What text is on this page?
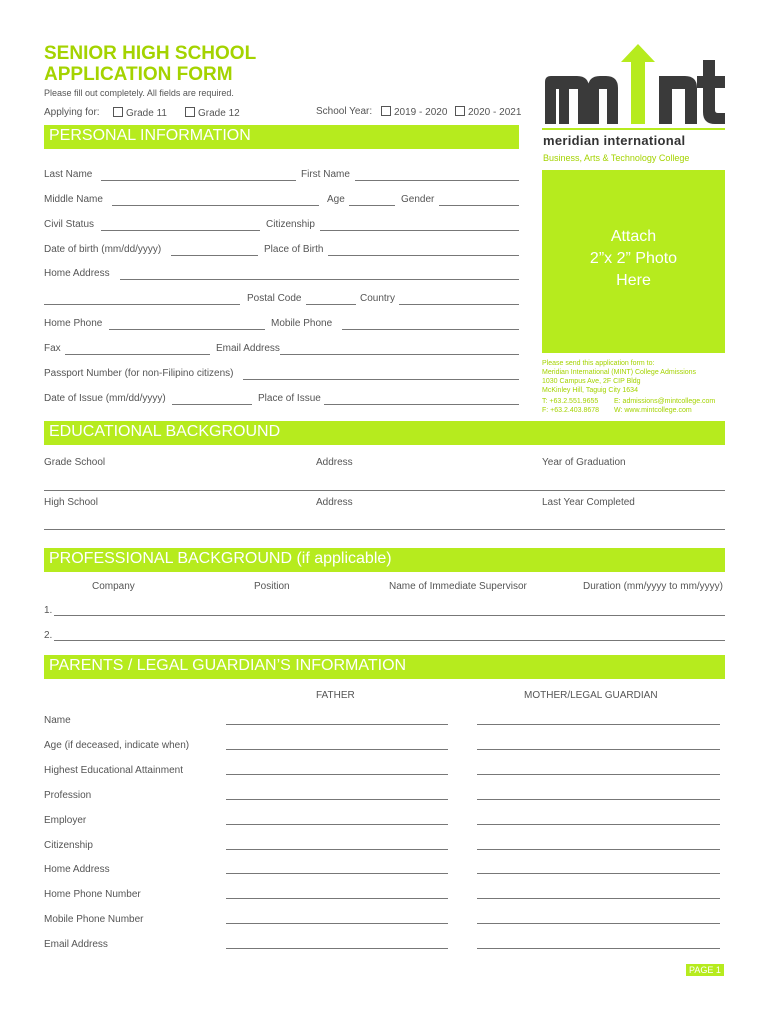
SENIOR HIGH SCHOOL
APPLICATION FORM
Please fill out completely. All fields are required.
Applying for:	Grade 11	Grade 12	School Year:	2019 - 2020	2020 - 2021
meridian international
Business, Arts & Technology College
Attach
2”x 2” Photo
Here
Please send this application form to:
Meridian International (MINT) College Admissions
1030 Campus Ave, 2F CIP Bldg
McKinley Hill, Taguig City 1634
T: +63.2.551.9655 E: admissions@mintcollege.com
F: +63.2.403.8678 W: www.mintcollege.com
PERSONAL INFORMATION
Last Name	First Name
Middle Name	Age	Gender
Civil Status	Citizenship
Date of birth (mm/dd/yyyy)	Place of Birth
Home Address
Postal Code	Country
Home Phone	Mobile Phone
Fax	Email Address
Passport Number (for non-Filipino citizens)
Date of Issue (mm/dd/yyyy)	Place of Issue
EDUCATIONAL BACKGROUND
Grade School	Address	Year of Graduation
High School	Address	Last Year Completed
PROFESSIONAL BACKGROUND (if applicable)
Company	Position	Name of Immediate Supervisor	Duration (mm/yyyy to mm/yyyy)
1.
2.
PARENTS / LEGAL GUARDIAN’S INFORMATION
FATHER	MOTHER/LEGAL GUARDIAN
Name
Age (if deceased, indicate when)
Highest Educational Attainment
Profession
Employer
Citizenship
Home Address
Home Phone Number
Mobile Phone Number
Email Address
PAGE 1
